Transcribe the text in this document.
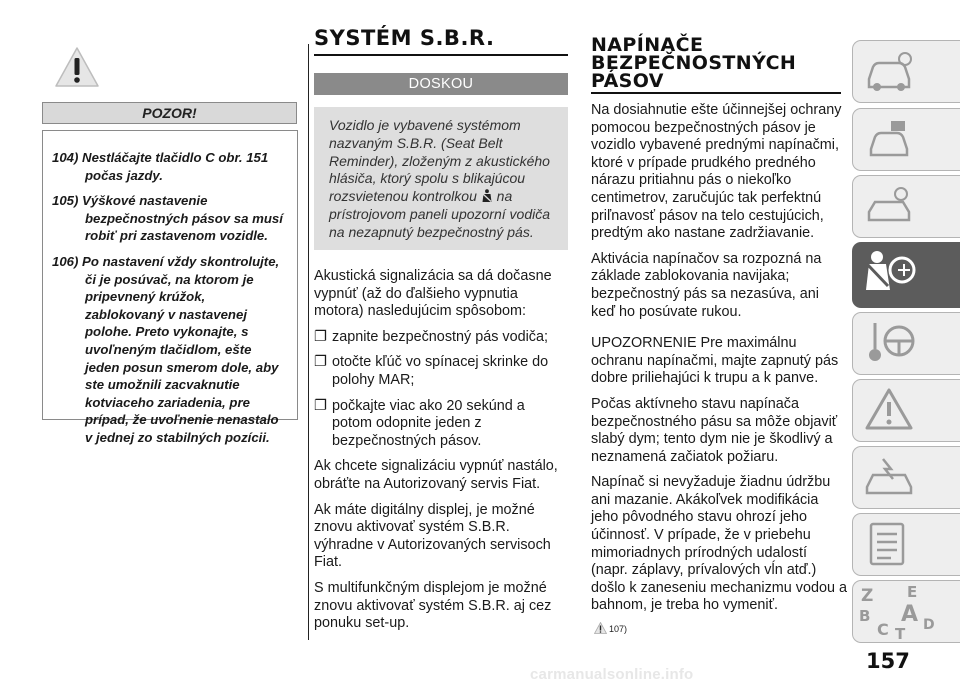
POZOR!

104) Nestláčajte tlačidlo C obr. 151 počas jazdy.

105) Výškové nastavenie bezpečnostných pásov sa musí robiť pri zastavenom vozidle.

106) Po nastavení vždy skontrolujte, či je posúvač, na ktorom je pripevnený krúžok, zablokovaný v nastavenej polohe. Preto vykonajte, s uvoľneným tlačidlom, ešte jeden posun smerom dole, aby ste umožnili zacvaknutie kotviaceho zariadenia, pre prípad, že uvoľnenie nenastalo v jednej zo stabilných pozícii.

SYSTÉM S.B.R.
DOSKOU
Vozidlo je vybavené systémom nazvaným S.B.R. (Seat Belt Reminder), zloženým z akustického hlásiča, ktorý spolu s blikajúcou rozsvietenou kontrolkou na prístrojovom paneli upozorní vodiča na nezapnutý bezpečnostný pás.

Akustická signalizácia sa dá dočasne vypnúť (až do ďalšieho vypnutia motora) nasledujúcim spôsobom:

❐ zapnite bezpečnostný pás vodiča;

❐ otočte kľúč vo spínacej skrinke do polohy MAR;

❐ počkajte viac ako 20 sekúnd a potom odopnite jeden z bezpečnostných pásov.

Ak chcete signalizáciu vypnúť nastálo, obráťte na Autorizovaný servis Fiat.

Ak máte digitálny displej, je možné znovu aktivovať systém S.B.R. výhradne v Autorizovaných servisoch Fiat.

S multifunkčným displejom je možné znovu aktivovať systém S.B.R. aj cez ponuku set-up.

NAPÍNAČE
BEZPEČNOSTNÝCH
PÁSOV

Na dosiahnutie ešte účinnejšej ochrany pomocou bezpečnostných pásov je vozidlo vybavené prednými napínačmi, ktoré v prípade prudkého predného nárazu pritiahnu pás o niekoľko centimetrov, zaručujúc tak perfektnú priľnavosť pásov na telo cestujúcich, predtým ako nastane zadržiavanie.

Aktivácia napínačov sa rozpozná na základe zablokovania navijaka; bezpečnostný pás sa nezasúva, ani keď ho posúvate rukou.

UPOZORNENIE Pre maximálnu ochranu napínačmi, majte zapnutý pás dobre priliehajúci k trupu a k panve.

Počas aktívneho stavu napínača bezpečnostného pásu sa môže objaviť slabý dym; tento dym nie je škodlivý a neznamená začiatok požiaru.

Napínač si nevyžaduje žiadnu údržbu ani mazanie. Akákoľvek modifikácia jeho pôvodného stavu ohrozí jeho účinnosť. V prípade, že v priebehu mimoriadnych prírodných udalostí (napr. záplavy, prívalových vĺn atď.) došlo k zaneseniu mechanizmu vodou a bahnom, je treba ho vymeniť.

107)
Z E
B A
C D
T
157
carmanualsonline.info
